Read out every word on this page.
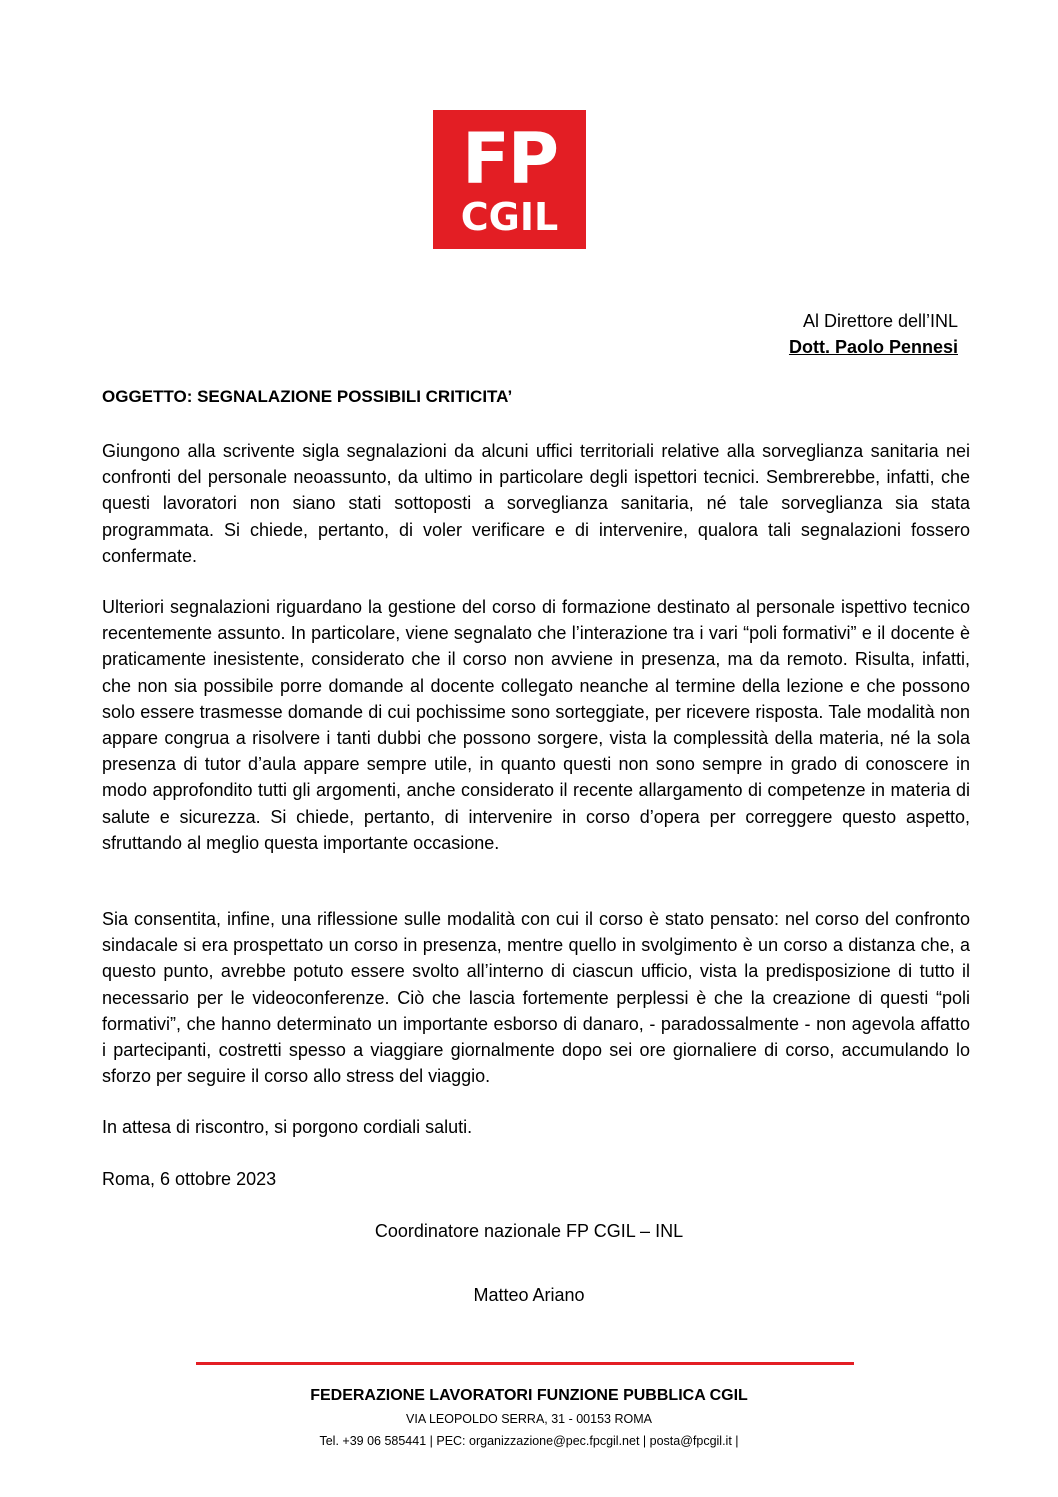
FP
CGIL
Al Direttore dell’INL
Dott. Paolo Pennesi
OGGETTO: SEGNALAZIONE POSSIBILI CRITICITA’

Giungono alla scrivente sigla segnalazioni da alcuni uffici territoriali relative alla sorveglianza sanitaria nei confronti del personale neoassunto, da ultimo in particolare degli ispettori tecnici. Sembrerebbe, infatti, che questi lavoratori non siano stati sottoposti a sorveglianza sanitaria, né tale sorveglianza sia stata programmata. Si chiede, pertanto, di voler verificare e di intervenire, qualora tali segnalazioni fossero confermate.

Ulteriori segnalazioni riguardano la gestione del corso di formazione destinato al personale ispettivo tecnico recentemente assunto. In particolare, viene segnalato che l’interazione tra i vari “poli formativi” e il docente è praticamente inesistente, considerato che il corso non avviene in presenza, ma da remoto. Risulta, infatti, che non sia possibile porre domande al docente collegato neanche al termine della lezione e che possono solo essere trasmesse domande di cui pochissime sono sorteggiate, per ricevere risposta. Tale modalità non appare congrua a risolvere i tanti dubbi che possono sorgere, vista la complessità della materia, né la sola presenza di tutor d’aula appare sempre utile, in quanto questi non sono sempre in grado di conoscere in modo approfondito tutti gli argomenti, anche considerato il recente allargamento di competenze in materia di salute e sicurezza. Si chiede, pertanto, di intervenire in corso d’opera per correggere questo aspetto, sfruttando al meglio questa importante occasione.

Sia consentita, infine, una riflessione sulle modalità con cui il corso è stato pensato: nel corso del confronto sindacale si era prospettato un corso in presenza, mentre quello in svolgimento è un corso a distanza che, a questo punto, avrebbe potuto essere svolto all’interno di ciascun ufficio, vista la predisposizione di tutto il necessario per le videoconferenze. Ciò che lascia fortemente perplessi è che la creazione di questi “poli formativi”, che hanno determinato un importante esborso di danaro, - paradossalmente - non agevola affatto i partecipanti, costretti spesso a viaggiare giornalmente dopo sei ore giornaliere di corso, accumulando lo sforzo per seguire il corso allo stress del viaggio.

In attesa di riscontro, si porgono cordiali saluti.

Roma, 6 ottobre 2023

Coordinatore nazionale FP CGIL – INL
Matteo Ariano
FEDERAZIONE LAVORATORI FUNZIONE PUBBLICA CGIL
VIA LEOPOLDO SERRA, 31 - 00153 ROMA
Tel. +39 06 585441 | PEC: organizzazione@pec.fpcgil.net | posta@fpcgil.it |
